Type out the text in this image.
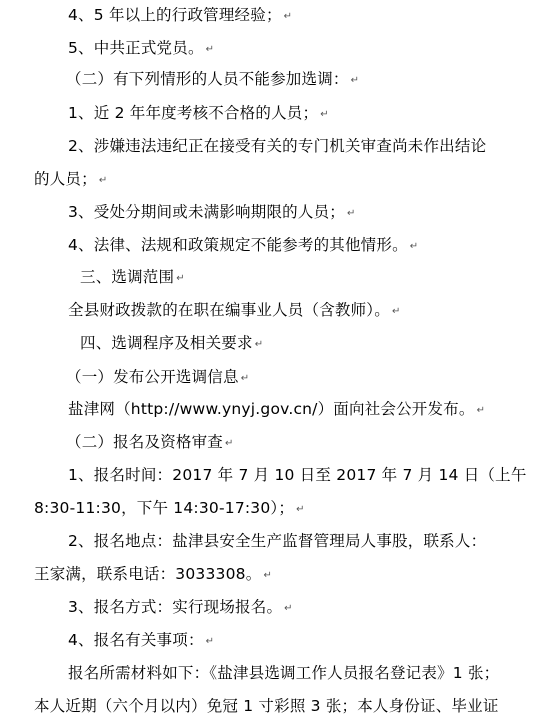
4、5 年以上的行政管理经验； ↵
5、中共正式党员。 ↵
（二）有下列情形的人员不能参加选调： ↵
1、近 2 年年度考核不合格的人员； ↵
2、涉嫌违法违纪正在接受有关的专门机关审查尚未作出结论
的人员； ↵
3、受处分期间或未满影响期限的人员； ↵
4、法律、法规和政策规定不能参考的其他情形。 ↵
三、选调范围 ↵
全县财政拨款的在职在编事业人员（含教师）。 ↵
四、选调程序及相关要求 ↵
（一）发布公开选调信息 ↵
盐津网（http://www.ynyj.gov.cn/）面向社会公开发布。 ↵
（二）报名及资格审查 ↵
1、报名时间：2017 年 7 月 10 日至 2017 年 7 月 14 日（上午
8:30-11:30，下午 14:30-17:30）； ↵
2、报名地点：盐津县安全生产监督管理局人事股，联系人：
王家满，联系电话：3033308。 ↵
3、报名方式：实行现场报名。 ↵
4、报名有关事项： ↵
报名所需材料如下：《盐津县选调工作人员报名登记表》1 张；
本人近期（六个月以内）免冠 1 寸彩照 3 张；本人身份证、毕业证
